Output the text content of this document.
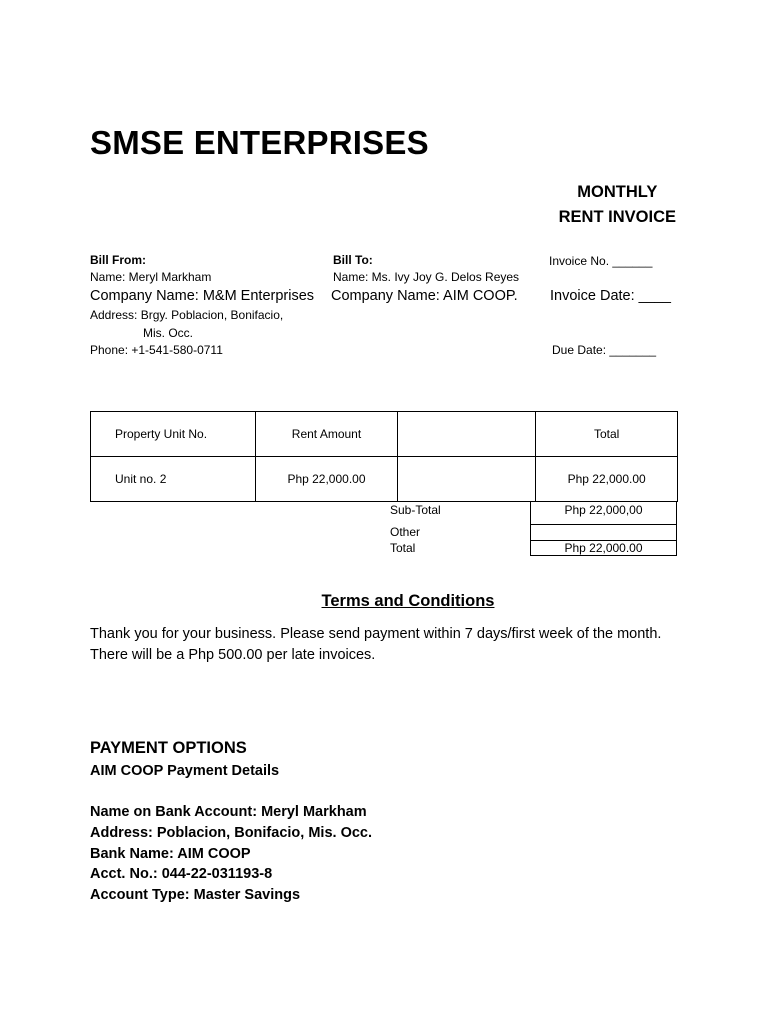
SMSE ENTERPRISES
MONTHLY
RENT INVOICE
Bill From:
Name: Meryl Markham
Company Name: M&M Enterprises
Address: Brgy. Poblacion, Bonifacio,
Mis. Occ.
Phone: +1-541-580-0711
Bill To:
Name: Ms. Ivy Joy G. Delos Reyes
Company Name: AIM COOP.
Invoice No. ______
Invoice Date: ____
Due Date: _______
Property Unit No.	Rent Amount		Total
Unit no. 2	Php 22,000.00		Php 22,000.00
Sub-Total	Php 22,000,00
Other
Total	Php 22,000.00
Terms and Conditions
Thank you for your business. Please send payment within 7 days/first week of the month. There will be a Php 500.00 per late invoices.
PAYMENT OPTIONS
AIM COOP Payment Details
Name on Bank Account: Meryl Markham
Address: Poblacion, Bonifacio, Mis. Occ.
Bank Name: AIM COOP
Acct. No.: 044-22-031193-8
Account Type: Master Savings
